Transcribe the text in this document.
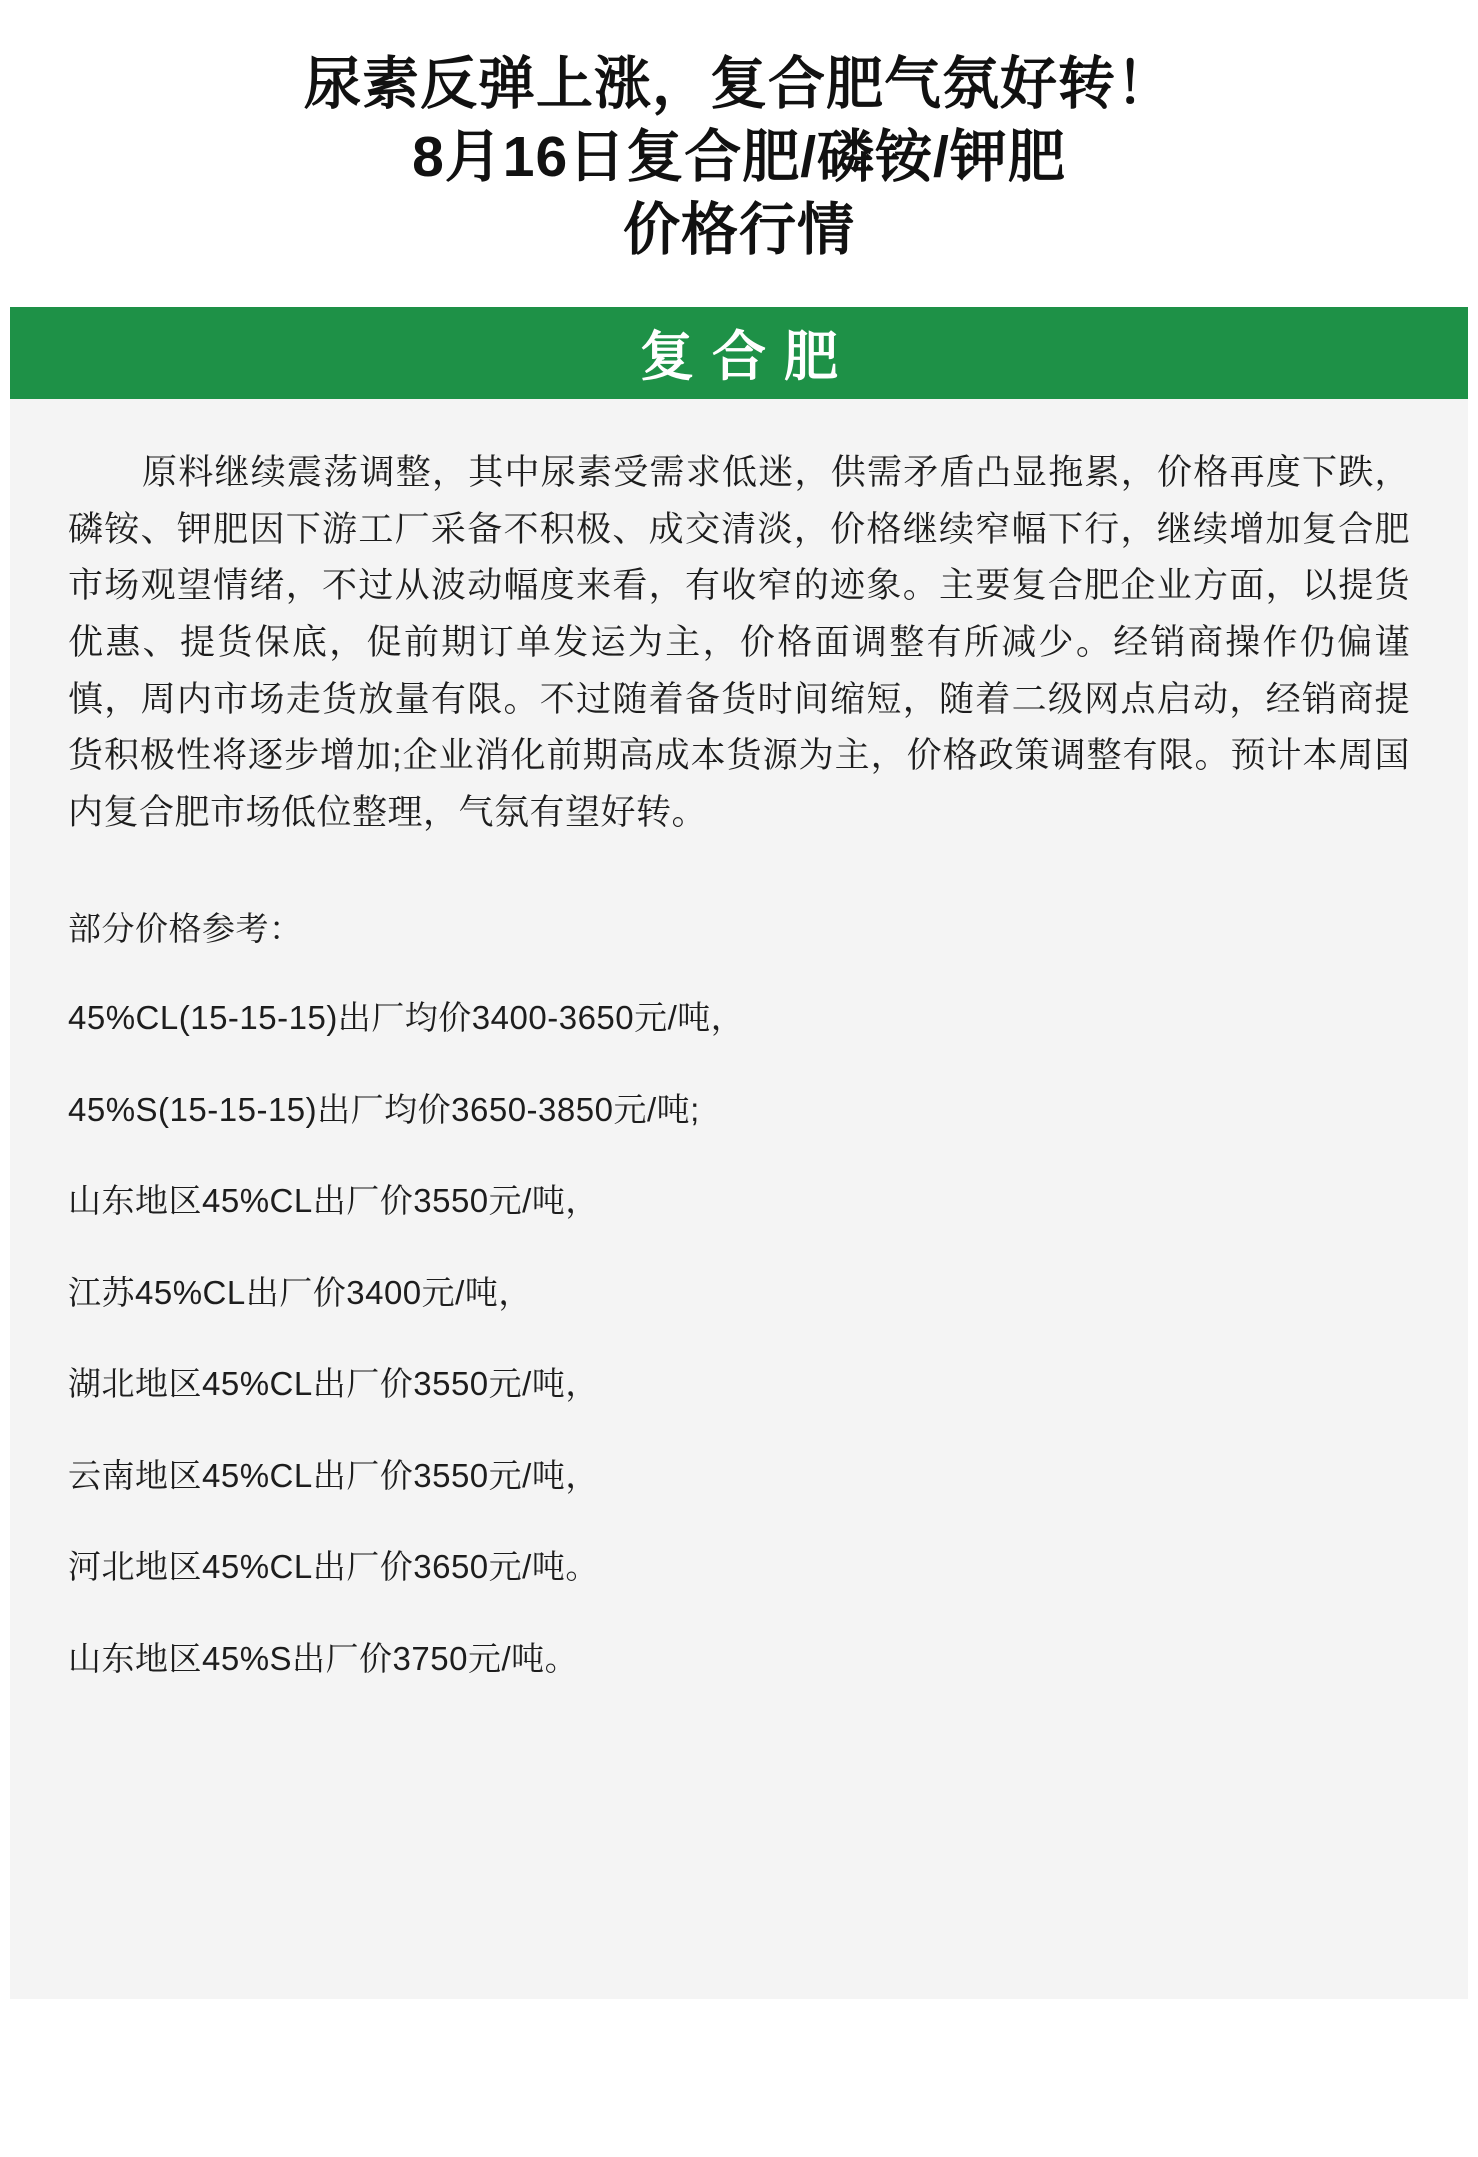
尿素反弹上涨，复合肥气氛好转！
8月16日复合肥/磷铵/钾肥
价格行情
复合肥
原料继续震荡调整，其中尿素受需求低迷，供需矛盾凸显拖累，价格再度下跌，磷铵、钾肥因下游工厂采备不积极、成交清淡，价格继续窄幅下行，继续增加复合肥市场观望情绪，不过从波动幅度来看，有收窄的迹象。主要复合肥企业方面，以提货优惠、提货保底，促前期订单发运为主，价格面调整有所减少。经销商操作仍偏谨慎，周内市场走货放量有限。不过随着备货时间缩短，随着二级网点启动，经销商提货积极性将逐步增加;企业消化前期高成本货源为主，价格政策调整有限。预计本周国内复合肥市场低位整理，气氛有望好转。
部分价格参考：
45%CL(15-15-15)出厂均价3400-3650元/吨，
45%S(15-15-15)出厂均价3650-3850元/吨;
山东地区45%CL出厂价3550元/吨，
江苏45%CL出厂价3400元/吨，
湖北地区45%CL出厂价3550元/吨，
云南地区45%CL出厂价3550元/吨，
河北地区45%CL出厂价3650元/吨。
山东地区45%S出厂价3750元/吨。
